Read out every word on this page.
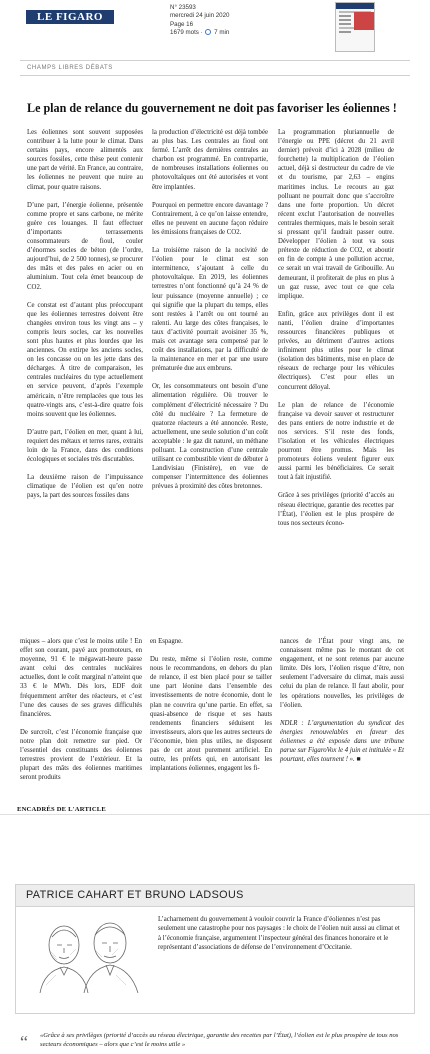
LE FIGARO
N° 23593
mercredi 24 juin 2020
Page 16
1679 mots · 7 min
CHAMPS LIBRES DÉBATS
Le plan de relance du gouvernement ne doit pas favoriser les éoliennes !

Les éoliennes sont souvent supposées contribuer à la lutte pour le climat. Dans certains pays, encore alimentés aux sources fossiles, cette thèse peut contenir une part de vérité. En France, au contraire, les éoliennes ne peuvent que nuire au climat, pour quatre raisons.

D’une part, l’énergie éolienne, présentée comme propre et sans carbone, ne mérite guère ces louanges. Il faut effectuer d’importants terrassements consommateurs de fioul, couler d’énormes socles de béton (de l’ordre, aujourd’hui, de 2 500 tonnes), se procurer des mâts et des pales en acier ou en aluminium. Tout cela émet beaucoup de CO2.

Ce constat est d’autant plus préoccupant que les éoliennes terrestres doivent être changées environ tous les vingt ans – y compris leurs socles, car les nouvelles sont plus hautes et plus lourdes que les anciennes. On extirpe les anciens socles, on les concasse ou on les jette dans des décharges. À titre de comparaison, les centrales nucléaires du type actuellement en service peuvent, d’après l’exemple américain, n’être remplacées que tous les quatre-vingts ans, c’est-à-dire quatre fois moins souvent que les éoliennes.

D’autre part, l’éolien en mer, quant à lui, requiert des métaux et terres rares, extraits loin de la France, dans des conditions écologiques et sociales très discutables.

La deuxième raison de l’impuissance climatique de l’éolien est qu’en notre pays, la part des sources fossiles dans

la production d’électricité est déjà tombée au plus bas. Les centrales au fioul ont fermé. L’arrêt des dernières centrales au charbon est programmé. En contrepartie, de nombreuses installations éoliennes ou photovoltaïques ont été autorisées et vont être implantées.

Pourquoi en permettre encore davantage ? Contrairement, à ce qu’on laisse entendre, elles ne peuvent en aucune façon réduire les émissions françaises de CO2.

La troisième raison de la nocivité de l’éolien pour le climat est son intermittence, s’ajoutant à celle du photovoltaïque. En 2019, les éoliennes terrestres n’ont fonctionné qu’à 24 % de leur puissance (moyenne annuelle) ; ce qui signifie que la plupart du temps, elles sont restées à l’arrêt ou ont tourné au ralenti. Au large des côtes françaises, le taux d’activité pourrait avoisiner 35 %, mais cet avantage sera compensé par le coût des installations, par la difficulté de la maintenance en mer et par une usure prématurée due aux embruns.

Or, les consommateurs ont besoin d’une alimentation régulière. Où trouver le complément d’électricité nécessaire ? Du côté du nucléaire ? La fermeture de quatorze réacteurs a été annoncée. Reste, actuellement, une seule solution d’un coût acceptable : le gaz dit naturel, un méthane polluant. La construction d’une centrale utilisant ce combustible vient de débuter à Landivisiau (Finistère), en vue de compenser l’intermittence des éoliennes prévues à proximité des côtes bretonnes.

La programmation pluriannuelle de l’énergie ou PPE (décret du 21 avril dernier) prévoit d’ici à 2028 (milieu de fourchette) la multiplication de l’éolien actuel, déjà si destructeur du cadre de vie et du tourisme, par 2,63 – engins maritimes inclus. Le recours au gaz polluant ne pourrait donc que s’accroître dans une forte proportion. Un décret récent exclut l’autorisation de nouvelles centrales thermiques, mais le besoin serait si pressant qu’il faudrait passer outre. Développer l’éolien à tout va sous prétexte de réduction de CO2, et aboutir en fin de compte à une pollution accrue, ce serait un vrai travail de Gribouille. Au demeurant, il profiterait de plus en plus à un gaz russe, avec tout ce que cela implique.

Enfin, grâce aux privilèges dont il est nanti, l’éolien draine d’importantes ressources financières publiques et privées, au détriment d’autres actions infiniment plus utiles pour le climat (isolation des bâtiments, mise en place de réseaux de recharge pour les véhicules électriques). C’est pour elles un concurrent déloyal.

Le plan de relance de l’économie française va devoir sauver et restructurer des pans entiers de notre industrie et de nos services. S’il reste des fonds, l’isolation et les véhicules électriques pourront être promus. Mais les promoteurs éoliens veulent figurer eux aussi parmi les bénéficiaires. Ce serait tout à fait injustifié.

Grâce à ses privilèges (priorité d’accès au réseau électrique, garantie des recettes par l’État), l’éolien est le plus prospère de tous nos secteurs écono-

miques – alors que c’est le moins utile ! En effet son courant, payé aux promoteurs, en moyenne, 91 € le mégawatt-heure passe avant celui des centrales nucléaires actuelles, dont le coût marginal n’atteint que 33 € le MWh. Dès lors, EDF doit fréquemment arrêter des réacteurs, et c’est l’une des causes de ses graves difficultés financières.

De surcroît, c’est l’économie française que notre plan doit remettre sur pied. Or l’essentiel des constituants des éoliennes terrestres provient de l’extérieur. Et la plupart des mâts des éoliennes maritimes seront produits

en Espagne.

Du reste, même si l’éolien reste, comme nous le recommandons, en dehors du plan de relance, il est bien placé pour se tailler une part léonine dans l’ensemble des investissements de notre économie, dont le plan ne couvrira qu’une partie. En effet, sa quasi-absence de risque et ses hauts rendements financiers séduisent les investisseurs, alors que les autres secteurs de l’économie, bien plus utiles, ne disposent pas de cet atout purement artificiel. En outre, les préfets qui, en autorisant les implantations éoliennes, engagent les fi-

nances de l’État pour vingt ans, ne connaissent même pas le montant de cet engagement, et ne sont retenus par aucune limite. Dès lors, l’éolien risque d’être, non seulement l’adversaire du climat, mais aussi celui du plan de relance. Il faut abolir, pour les opérations nouvelles, les privilèges de l’éolien.

NDLR : L’argumentation du syndicat des énergies renouvelables en faveur des éoliennes a été exposée dans une tribune parue sur FigaroVox le 4 juin et intitulée « Et pourtant, elles tournent ! ». ■

ENCADRÉS DE L'ARTICLE
PATRICE CAHART ET BRUNO LADSOUS
L’acharnement du gouvernement à vouloir couvrir la France d’éoliennes n’est pas seulement une catastrophe pour nos paysages : le choix de l’éolien nuit aussi au climat et à l’économie française, argumentent l’inspecteur général des finances honoraire et le représentant d’associations de défense de l’environnement d’Occitanie.
“ «Grâce à ses privilèges (priorité d’accès au réseau électrique, garantie des recettes par l’État), l’éolien est le plus prospère de tous nos secteurs économiques – alors que c’est le moins utile »
